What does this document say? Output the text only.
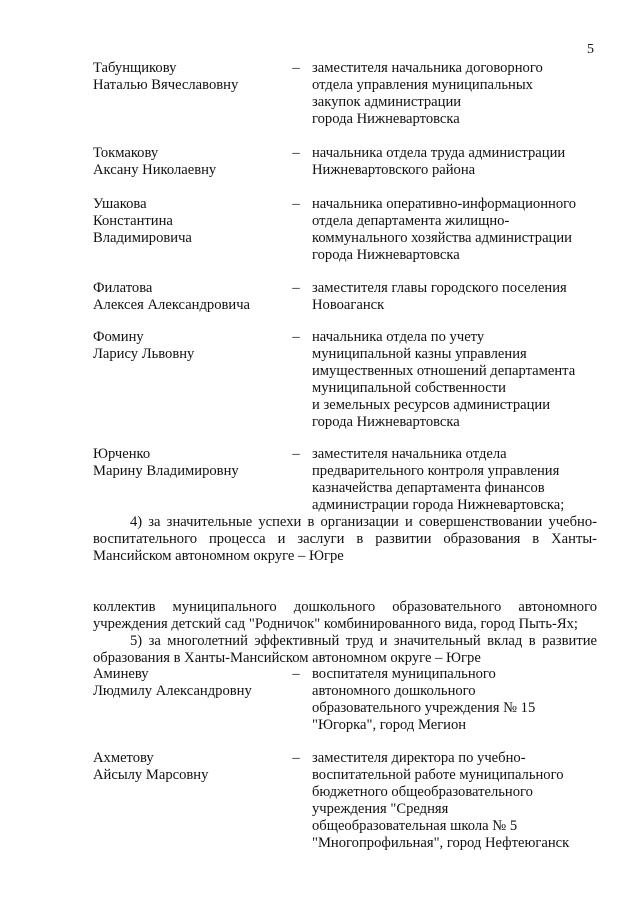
5
Табунщикову
Наталью Вячеславовну
– заместителя начальника договорного
отдела управления муниципальных
закупок администрации
города Нижневартовска
Токмакову
Аксану Николаевну
– начальника отдела труда администрации
Нижневартовского района
Ушакова
Константина
Владимировича
– начальника оперативно-информационного
отдела департамента жилищно-
коммунального хозяйства администрации
города Нижневартовска
Филатова
Алексея Александровича
– заместителя главы городского поселения
Новоаганск
Фомину
Ларису Львовну
– начальника отдела по учету
муниципальной казны управления
имущественных отношений департамента
муниципальной собственности
и земельных ресурсов администрации
города Нижневартовска
Юрченко
Марину Владимировну
– заместителя начальника отдела
предварительного контроля управления
казначейства департамента финансов
администрации города Нижневартовска;
4) за значительные успехи в организации и совершенствовании учебно-
воспитательного процесса и заслуги в развитии образования в Ханты-
Мансийском автономном округе – Югре
коллектив муниципального дошкольного образовательного автономного
учреждения детский сад "Родничок" комбинированного вида, город Пыть-Ях;
5) за многолетний эффективный труд и значительный вклад в развитие
образования в Ханты-Мансийском автономном округе – Югре
Аминеву
Людмилу Александровну
– воспитателя муниципального
автономного дошкольного
образовательного учреждения № 15
"Югорка", город Мегион
Ахметову
Айсылу Марсовну
– заместителя директора по учебно-
воспитательной работе муниципального
бюджетного общеобразовательного
учреждения "Средняя
общеобразовательная школа № 5
"Многопрофильная", город Нефтеюганск
